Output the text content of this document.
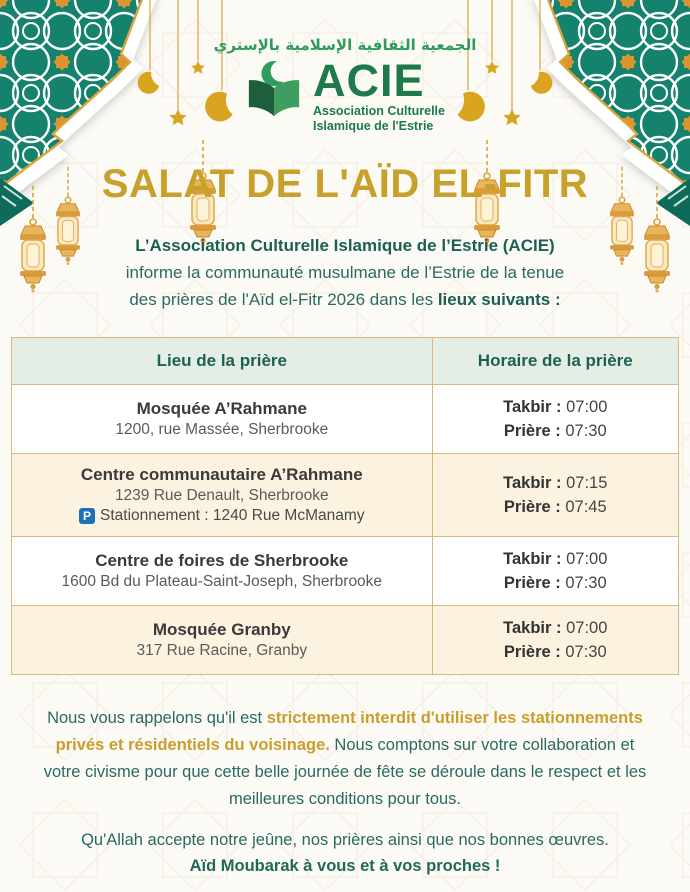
الجمعية الثقافية الإسلامية بالإستري
ACIE
Association Culturelle
Islamique de l'Estrie
SALAT DE L'AÏD EL-FITR

L’Association Culturelle Islamique de l’Estrie (ACIE)
informe la communauté musulmane de l’Estrie de la tenue
des prières de l'Aïd el-Fitr 2026 dans les lieux suivants :

Lieu de la prière	Horaire de la prière
Mosquée A’Rahmane
1200, rue Massée, Sherbrooke
Takbir : 07:00
Prière : 07:30
Centre communautaire A’Rahmane
1239 Rue Denault, Sherbrooke
P Stationnement : 1240 Rue McManamy
Takbir : 07:15
Prière : 07:45
Centre de foires de Sherbrooke
1600 Bd du Plateau-Saint-Joseph, Sherbrooke
Takbir : 07:00
Prière : 07:30
Mosquée Granby
317 Rue Racine, Granby
Takbir : 07:00
Prière : 07:30

Nous vous rappelons qu'il est strictement interdit d'utiliser les stationnements privés et résidentiels du voisinage. Nous comptons sur votre collaboration et votre civisme pour que cette belle journée de fête se déroule dans le respect et les meilleures conditions pour tous.

Qu'Allah accepte notre jeûne, nos prières ainsi que nos bonnes œuvres.
Aïd Moubarak à vous et à vos proches !
